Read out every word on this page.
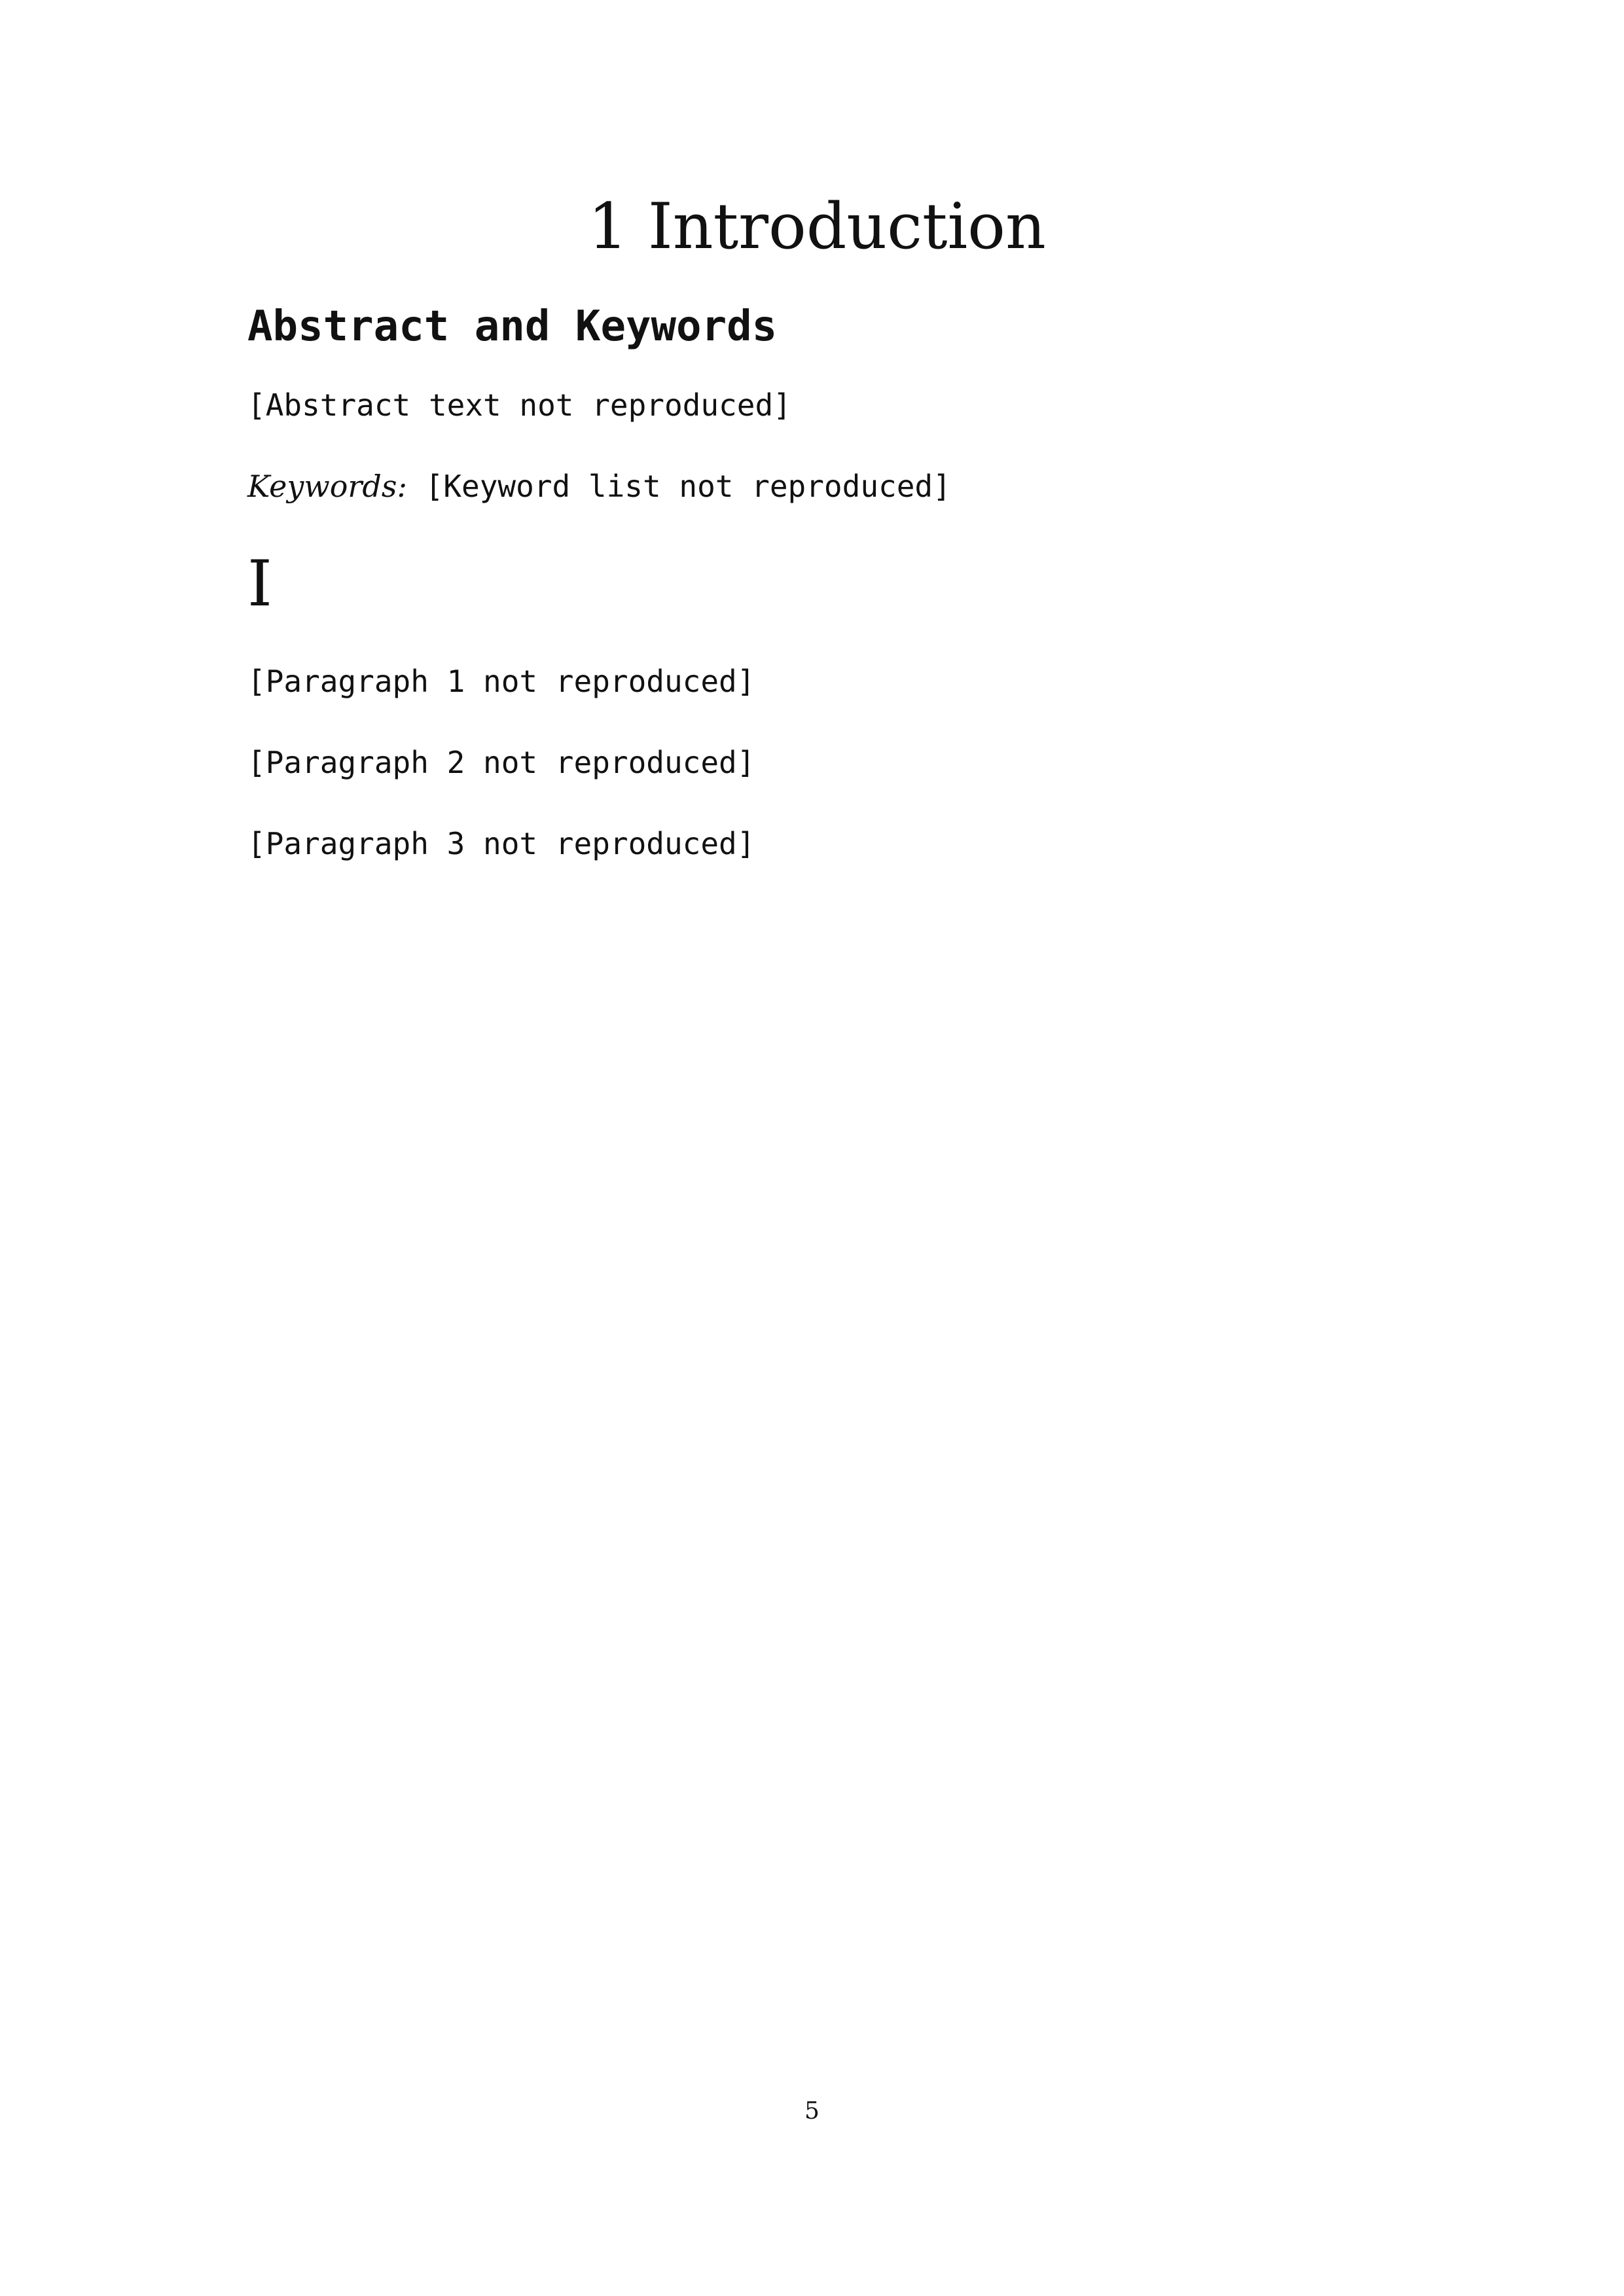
1 Introduction
Abstract and Keywords

[Abstract text not reproduced]

Keywords: [Keyword list not reproduced]

I

[Paragraph 1 not reproduced]

[Paragraph 2 not reproduced]

[Paragraph 3 not reproduced]

5
